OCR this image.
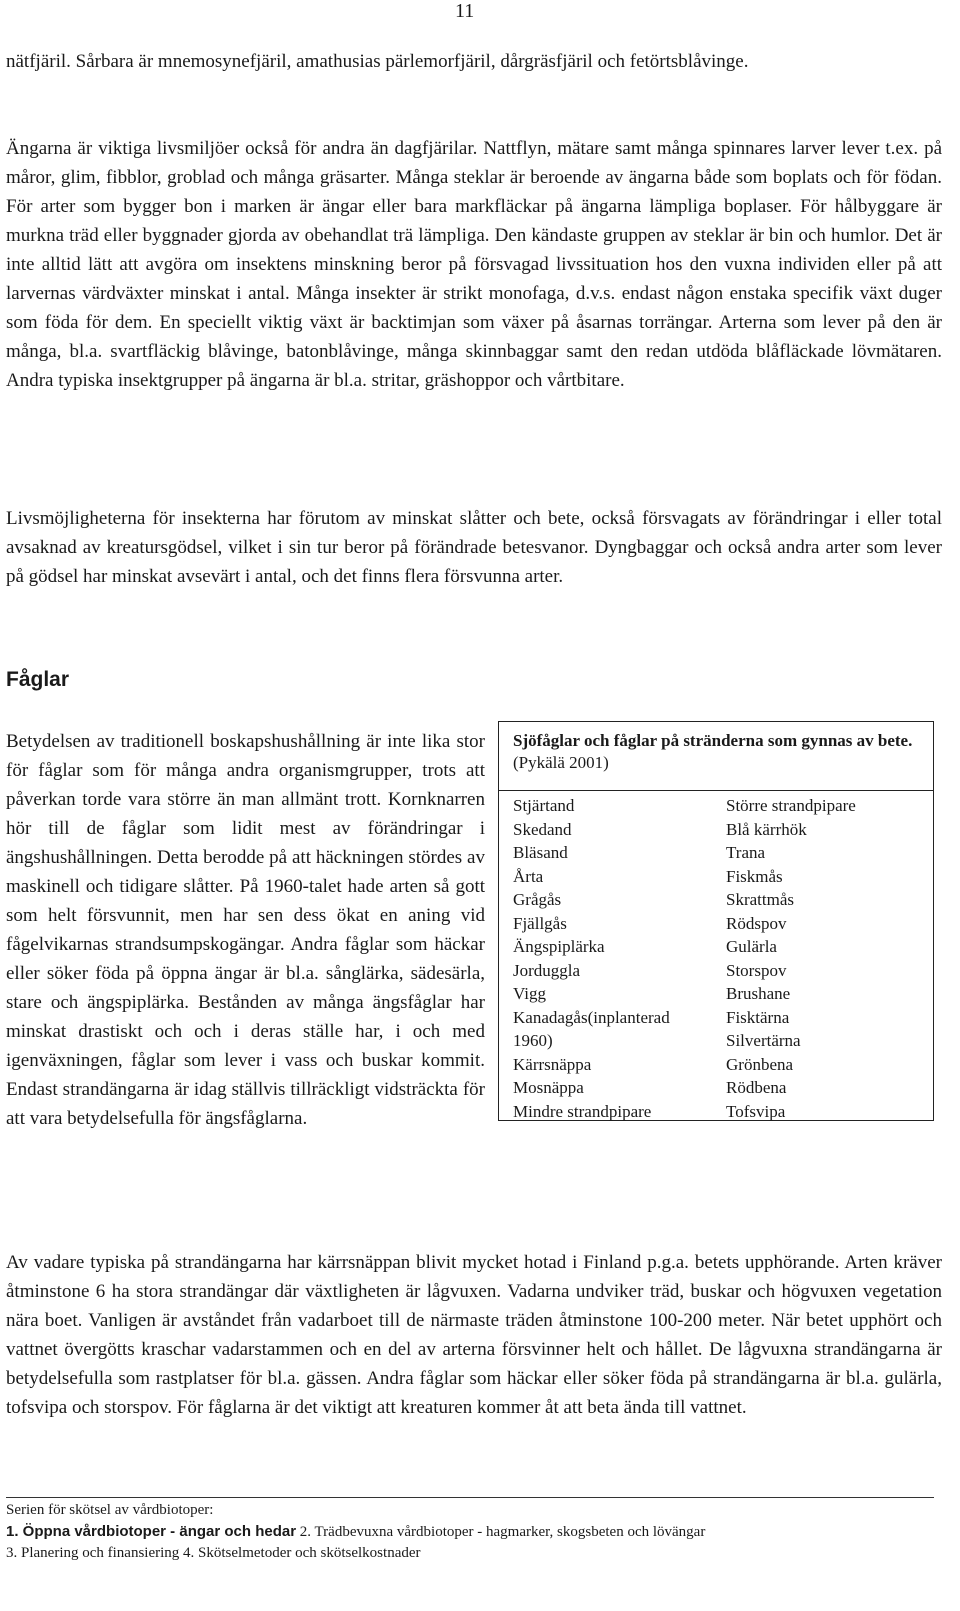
11

nätfjäril. Sårbara är mnemosynefjäril, amathusias pärlemorfjäril, dårgräsfjäril och fetörtsblåvinge.

Ängarna är viktiga livsmiljöer också för andra än dagfjärilar. Nattflyn, mätare samt många spinnares larver lever t.ex. på måror, glim, fibblor, groblad och många gräsarter. Många steklar är beroende av ängarna både som boplats och för födan. För arter som bygger bon i marken är ängar eller bara markfläckar på ängarna lämpliga boplaser. För hålbyggare är murkna träd eller byggnader gjorda av obehandlat trä lämpliga. Den kändaste gruppen av steklar är bin och humlor. Det är inte alltid lätt att avgöra om insektens minskning beror på försvagad livssituation hos den vuxna individen eller på att larvernas värdväxter minskat i antal. Många insekter är strikt monofaga, d.v.s. endast någon enstaka specifik växt duger som föda för dem. En speciellt viktig växt är backtimjan som växer på åsarnas torrängar. Arterna som lever på den är många, bl.a. svartfläckig blåvinge, batonblåvinge, många skinnbaggar samt den redan utdöda blåfläckade lövmätaren. Andra typiska insektgrupper på ängarna är bl.a. stritar, gräshoppor och vårtbitare.

Livsmöjligheterna för insekterna har förutom av minskat slåtter och bete, också försvagats av förändringar i eller total avsaknad av kreatursgödsel, vilket i sin tur beror på förändrade betesvanor. Dyngbaggar och också andra arter som lever på gödsel har minskat avsevärt i antal, och det finns flera försvunna arter.

Fåglar
Betydelsen av traditionell boskapshushållning är inte lika stor för fåglar som för många andra organismgrupper, trots att påverkan torde vara större än man allmänt trott. Kornknarren hör till de fåglar som lidit mest av förändringar i ängshushållningen. Detta berodde på att häckningen stördes av maskinell och tidigare slåtter. På 1960-talet hade arten så gott som helt försvunnit, men har sen dess ökat en aning vid fågelvikarnas strandsumpskogängar. Andra fåglar som häckar eller söker föda på öppna ängar är bl.a. sånglärka, sädesärla, stare och ängspiplärka. Bestånden av många ängsfåglar har minskat drastiskt och och i deras ställe har, i och med igenväxningen, fåglar som lever i vass och buskar kommit. Endast strandängarna är idag ställvis tillräckligt vidsträckta för att vara betydelsefulla för ängsfåglarna.

Sjöfåglar och fåglar på stränderna som gynnas av bete. (Pykälä 2001)

Stjärtand
Skedand
Bläsand
Årta
Grågås
Fjällgås
Ängspiplärka
Jorduggla
Vigg
Kanadagås(inplanterad
1960)
Kärrsnäppa
Mosnäppa
Mindre strandpipare
Större strandpipare
Blå kärrhök
Trana
Fiskmås
Skrattmås
Rödspov
Gulärla
Storspov
Brushane
Fisktärna
Silvertärna
Grönbena
Rödbena
Tofsvipa

Av vadare typiska på strandängarna har kärrsnäppan blivit mycket hotad i Finland p.g.a. betets upphörande. Arten kräver åtminstone 6 ha stora strandängar där växtligheten är lågvuxen. Vadarna undviker träd, buskar och högvuxen vegetation nära boet. Vanligen är avståndet från vadarboet till de närmaste träden åtminstone 100-200 meter. När betet upphört och vattnet övergötts kraschar vadarstammen och en del av arterna försvinner helt och hållet. De lågvuxna strandängarna är betydelsefulla som rastplatser för bl.a. gässen. Andra fåglar som häckar eller söker föda på strandängarna är bl.a. gulärla, tofsvipa och storspov. För fåglarna är det viktigt att kreaturen kommer åt att beta ända till vattnet.

Serien för skötsel av vårdbiotoper:
1. Öppna vårdbiotoper - ängar och hedar 2. Trädbevuxna vårdbiotoper - hagmarker, skogsbeten och lövängar
3. Planering och finansiering 4. Skötselmetoder och skötselkostnader
